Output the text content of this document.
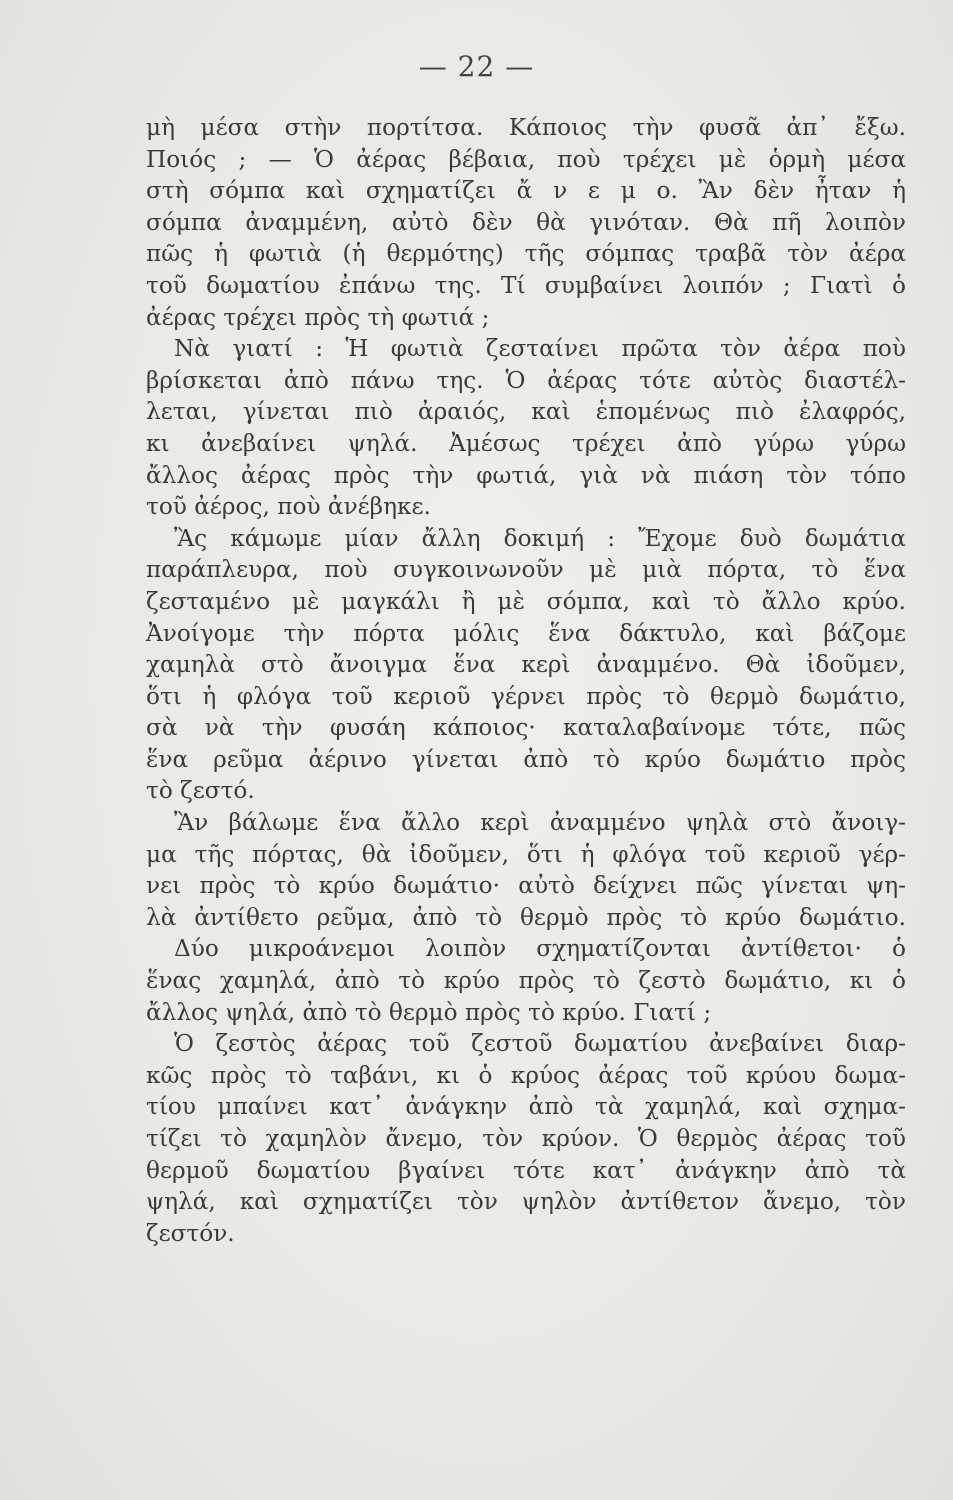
— 22 —
μὴ μέσα στὴν πορτίτσα. Κάποιος τὴν φυσᾶ ἀπ᾽ ἔξω.
Ποιός ; — Ὁ ἀέρας βέβαια, ποὺ τρέχει μὲ ὁρμὴ μέσα
στὴ σόμπα καὶ σχηματίζει ἄ ν ε μ ο. Ἂν δὲν ἦταν ἡ
σόμπα ἀναμμένη, αὐτὸ δὲν θὰ γινόταν. Θὰ πῆ λοιπὸν
πῶς ἡ φωτιὰ (ἡ θερμότης) τῆς σόμπας τραβᾶ τὸν ἀέρα
τοῦ δωματίου ἐπάνω της. Τί συμβαίνει λοιπόν ; Γιατὶ ὁ
ἀέρας τρέχει πρὸς τὴ φωτιά ;
Νὰ γιατί : Ἡ φωτιὰ ζεσταίνει πρῶτα τὸν ἀέρα ποὺ
βρίσκεται ἀπὸ πάνω της. Ὁ ἀέρας τότε αὐτὸς διαστέλ-
λεται, γίνεται πιὸ ἀραιός, καὶ ἑπομένως πιὸ ἐλαφρός,
κι ἀνεβαίνει ψηλά. Ἀμέσως τρέχει ἀπὸ γύρω γύρω
ἄλλος ἀέρας πρὸς τὴν φωτιά, γιὰ νὰ πιάση τὸν τόπο
τοῦ ἀέρος, ποὺ ἀνέβηκε.
Ἂς κάμωμε μίαν ἄλλη δοκιμή : Ἔχομε δυὸ δωμάτια
παράπλευρα, ποὺ συγκοινωνοῦν μὲ μιὰ πόρτα, τὸ ἕνα
ζεσταμένο μὲ μαγκάλι ἢ μὲ σόμπα, καὶ τὸ ἄλλο κρύο.
Ἀνοίγομε τὴν πόρτα μόλις ἕνα δάκτυλο, καὶ βάζομε
χαμηλὰ στὸ ἄνοιγμα ἕνα κερὶ ἀναμμένο. Θὰ ἰδοῦμεν,
ὅτι ἡ φλόγα τοῦ κεριοῦ γέρνει πρὸς τὸ θερμὸ δωμάτιο,
σὰ νὰ τὴν φυσάη κάποιος· καταλαβαίνομε τότε, πῶς
ἕνα ρεῦμα ἀέρινο γίνεται ἀπὸ τὸ κρύο δωμάτιο πρὸς
τὸ ζεστό.
Ἂν βάλωμε ἕνα ἄλλο κερὶ ἀναμμένο ψηλὰ στὸ ἄνοιγ-
μα τῆς πόρτας, θὰ ἰδοῦμεν, ὅτι ἡ φλόγα τοῦ κεριοῦ γέρ-
νει πρὸς τὸ κρύο δωμάτιο· αὐτὸ δείχνει πῶς γίνεται ψη-
λὰ ἀντίθετο ρεῦμα, ἀπὸ τὸ θερμὸ πρὸς τὸ κρύο δωμάτιο.
Δύο μικροάνεμοι λοιπὸν σχηματίζονται ἀντίθετοι· ὁ
ἕνας χαμηλά, ἀπὸ τὸ κρύο πρὸς τὸ ζεστὸ δωμάτιο, κι ὁ
ἄλλος ψηλά, ἀπὸ τὸ θερμὸ πρὸς τὸ κρύο. Γιατί ;
Ὁ ζεστὸς ἀέρας τοῦ ζεστοῦ δωματίου ἀνεβαίνει διαρ-
κῶς πρὸς τὸ ταβάνι, κι ὁ κρύος ἀέρας τοῦ κρύου δωμα-
τίου μπαίνει κατ᾽ ἀνάγκην ἀπὸ τὰ χαμηλά, καὶ σχημα-
τίζει τὸ χαμηλὸν ἄνεμο, τὸν κρύον. Ὁ θερμὸς ἀέρας τοῦ
θερμοῦ δωματίου βγαίνει τότε κατ᾽ ἀνάγκην ἀπὸ τὰ
ψηλά, καὶ σχηματίζει τὸν ψηλὸν ἀντίθετον ἄνεμο, τὸν
ζεστόν.
